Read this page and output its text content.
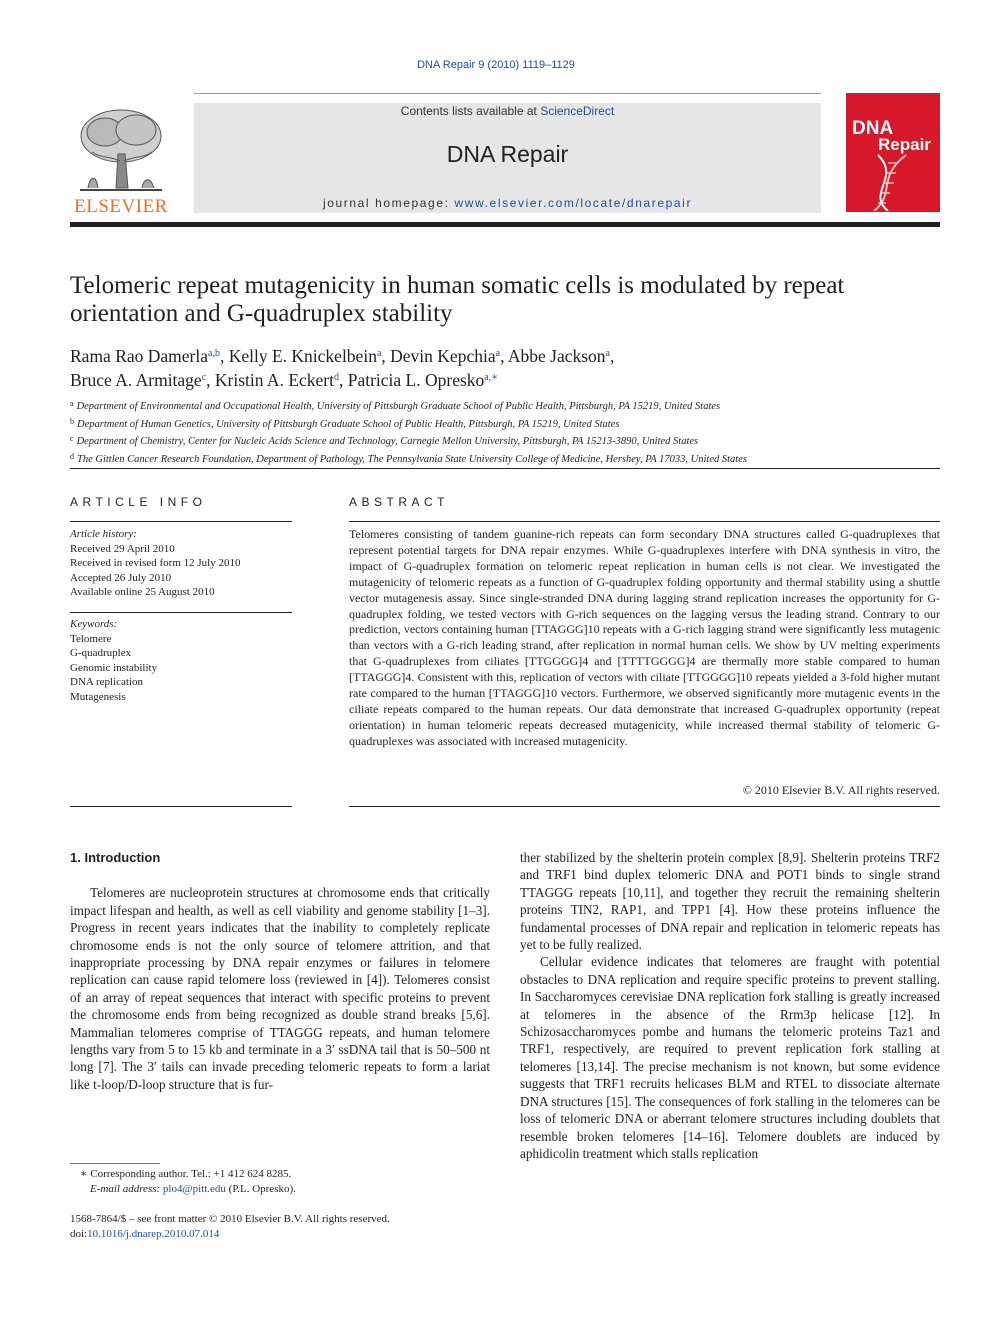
DNA Repair 9 (2010) 1119–1129
ELSEVIER
Contents lists available at ScienceDirect
DNA Repair
journal homepage: www.elsevier.com/locate/dnarepair
DNA
Repair
Telomeric repeat mutagenicity in human somatic cells is modulated by repeat orientation and G-quadruplex stability
Rama Rao Damerla$^{a,b}$, Kelly E. Knickelbein$^a$, Devin Kepchia$^a$, Abbe Jackson$^a$,
Bruce A. Armitage$^c$, Kristin A. Eckert$^d$, Patricia L. Opresko$^{a,∗}$
$^a$ Department of Environmental and Occupational Health, University of Pittsburgh Graduate School of Public Health, Pittsburgh, PA 15219, United States
$^b$ Department of Human Genetics, University of Pittsburgh Graduate School of Public Health, Pittsburgh, PA 15219, United States
$^c$ Department of Chemistry, Center for Nucleic Acids Science and Technology, Carnegie Mellon University, Pittsburgh, PA 15213-3890, United States
$^d$ The Gittlen Cancer Research Foundation, Department of Pathology, The Pennsylvania State University College of Medicine, Hershey, PA 17033, United States
ARTICLE INFO
Article history:
Received 29 April 2010
Received in revised form 12 July 2010
Accepted 26 July 2010
Available online 25 August 2010
Keywords:
Telomere
G-quadruplex
Genomic instability
DNA replication
Mutagenesis
ABSTRACT
Telomeres consisting of tandem guanine-rich repeats can form secondary DNA structures called G-quadruplexes that represent potential targets for DNA repair enzymes. While G-quadruplexes interfere with DNA synthesis in vitro, the impact of G-quadruplex formation on telomeric repeat replication in human cells is not clear. We investigated the mutagenicity of telomeric repeats as a function of G-quadruplex folding opportunity and thermal stability using a shuttle vector mutagenesis assay. Since single-stranded DNA during lagging strand replication increases the opportunity for G-quadruplex folding, we tested vectors with G-rich sequences on the lagging versus the leading strand. Contrary to our prediction, vectors containing human [TTAGGG]10 repeats with a G-rich lagging strand were significantly less mutagenic than vectors with a G-rich leading strand, after replication in normal human cells. We show by UV melting experiments that G-quadruplexes from ciliates [TTGGGG]4 and [TTTTGGGG]4 are thermally more stable compared to human [TTAGGG]4. Consistent with this, replication of vectors with ciliate [TTGGGG]10 repeats yielded a 3-fold higher mutant rate compared to the human [TTAGGG]10 vectors. Furthermore, we observed significantly more mutagenic events in the ciliate repeats compared to the human repeats. Our data demonstrate that increased G-quadruplex opportunity (repeat orientation) in human telomeric repeats decreased mutagenicity, while increased thermal stability of telomeric G-quadruplexes was associated with increased mutagenicity.
© 2010 Elsevier B.V. All rights reserved.
1. Introduction
Telomeres are nucleoprotein structures at chromosome ends that critically impact lifespan and health, as well as cell viability and genome stability [1–3]. Progress in recent years indicates that the inability to completely replicate chromosome ends is not the only source of telomere attrition, and that inappropriate processing by DNA repair enzymes or failures in telomere replication can cause rapid telomere loss (reviewed in [4]). Telomeres consist of an array of repeat sequences that interact with specific proteins to prevent the chromosome ends from being recognized as double strand breaks [5,6]. Mammalian telomeres comprise of TTAGGG repeats, and human telomere lengths vary from 5 to 15 kb and terminate in a 3′ ssDNA tail that is 50–500 nt long [7]. The 3′ tails can invade preceding telomeric repeats to form a lariat like t-loop/D-loop structure that is fur-
ther stabilized by the shelterin protein complex [8,9]. Shelterin proteins TRF2 and TRF1 bind duplex telomeric DNA and POT1 binds to single strand TTAGGG repeats [10,11], and together they recruit the remaining shelterin proteins TIN2, RAP1, and TPP1 [4]. How these proteins influence the fundamental processes of DNA repair and replication in telomeric repeats has yet to be fully realized.
Cellular evidence indicates that telomeres are fraught with potential obstacles to DNA replication and require specific proteins to prevent stalling. In Saccharomyces cerevisiae DNA replication fork stalling is greatly increased at telomeres in the absence of the Rrm3p helicase [12]. In Schizosaccharomyces pombe and humans the telomeric proteins Taz1 and TRF1, respectively, are required to prevent replication fork stalling at telomeres [13,14]. The precise mechanism is not known, but some evidence suggests that TRF1 recruits helicases BLM and RTEL to dissociate alternate DNA structures [15]. The consequences of fork stalling in the telomeres can be loss of telomeric DNA or aberrant telomere structures including doublets that resemble broken telomeres [14–16]. Telomere doublets are induced by aphidicolin treatment which stalls replication
∗ Corresponding author. Tel.: +1 412 624 8285.
E-mail address: plo4@pitt.edu (P.L. Opresko).
1568-7864/$ – see front matter © 2010 Elsevier B.V. All rights reserved.
doi:10.1016/j.dnarep.2010.07.014
